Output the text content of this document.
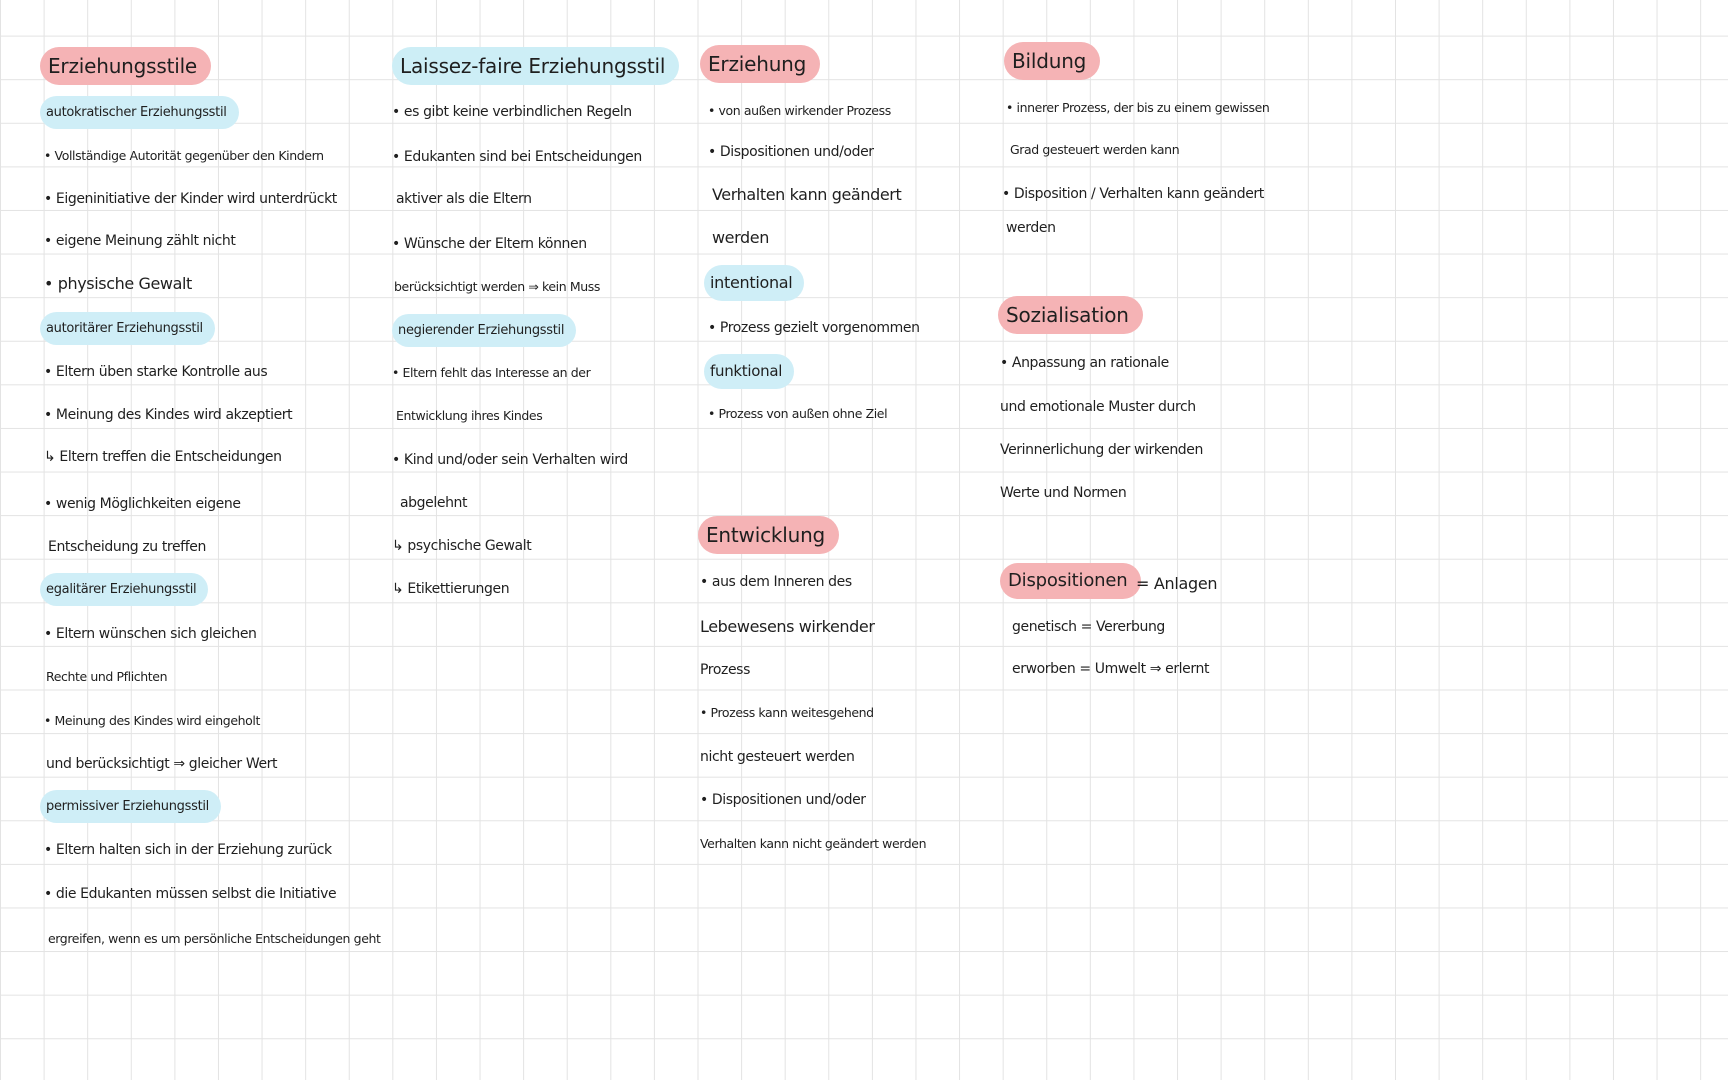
Erziehungsstile
autokratischer Erziehungsstil
• Vollständige Autorität gegenüber den Kindern
• Eigeninitiative der Kinder wird unterdrückt
• eigene Meinung zählt nicht
• physische Gewalt
autoritärer Erziehungsstil
• Eltern üben starke Kontrolle aus
• Meinung des Kindes wird akzeptiert
↳ Eltern treffen die Entscheidungen
• wenig Möglichkeiten eigene
Entscheidung zu treffen
egalitärer Erziehungsstil
• Eltern wünschen sich gleichen
Rechte und Pflichten
• Meinung des Kindes wird eingeholt
und berücksichtigt ⇒ gleicher Wert
permissiver Erziehungsstil
• Eltern halten sich in der Erziehung zurück
• die Edukanten müssen selbst die Initiative
ergreifen, wenn es um persönliche Entscheidungen geht
Laissez-faire Erziehungsstil
• es gibt keine verbindlichen Regeln
• Edukanten sind bei Entscheidungen
aktiver als die Eltern
• Wünsche der Eltern können
berücksichtigt werden ⇒ kein Muss
negierender Erziehungsstil
• Eltern fehlt das Interesse an der
Entwicklung ihres Kindes
• Kind und/oder sein Verhalten wird
abgelehnt
↳ psychische Gewalt
↳ Etikettierungen
Erziehung
• von außen wirkender Prozess
• Dispositionen und/oder
Verhalten kann geändert
werden
intentional
• Prozess gezielt vorgenommen
funktional
• Prozess von außen ohne Ziel
Entwicklung
• aus dem Inneren des
Lebewesens wirkender
Prozess
• Prozess kann weitesgehend
nicht gesteuert werden
• Dispositionen und/oder
Verhalten kann nicht geändert werden
Bildung
• innerer Prozess, der bis zu einem gewissen
Grad gesteuert werden kann
• Disposition / Verhalten kann geändert
werden
Sozialisation
• Anpassung an rationale
und emotionale Muster durch
Verinnerlichung der wirkenden
Werte und Normen
Dispositionen = Anlagen
genetisch = Vererbung
erworben = Umwelt ⇒ erlernt
